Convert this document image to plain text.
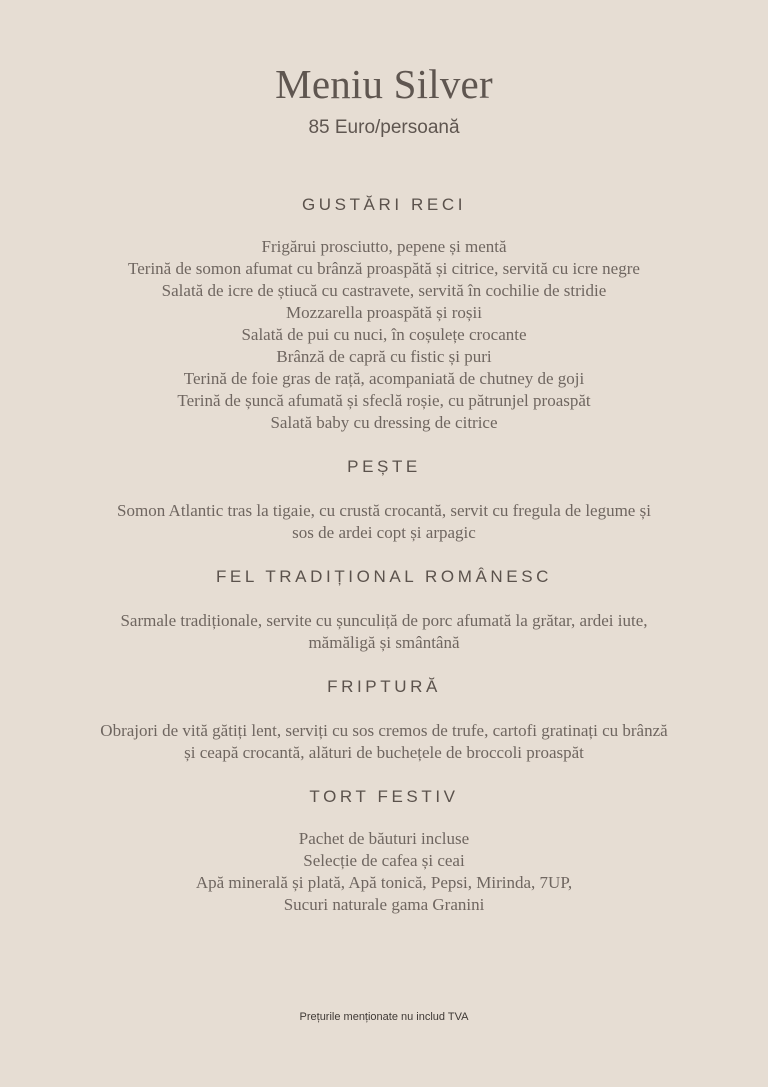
Meniu Silver
85 Euro/persoană
GUSTĂRI RECI
Frigărui prosciutto, pepene și mentă
Terină de somon afumat cu brânză proaspătă și citrice, servită cu icre negre
Salată de icre de știucă cu castravete, servită în cochilie de stridie
Mozzarella proaspătă și roșii
Salată de pui cu nuci, în coșulețe crocante
Brânză de capră cu fistic și puri
Terină de foie gras de rață, acompaniată de chutney de goji
Terină de șuncă afumată și sfeclă roșie, cu pătrunjel proaspăt
Salată baby cu dressing de citrice
PEȘTE
Somon Atlantic tras la tigaie, cu crustă crocantă, servit cu fregula de legume și
sos de ardei copt și arpagic
FEL TRADIȚIONAL ROMÂNESC
Sarmale tradiționale, servite cu șunculiță de porc afumată la grătar, ardei iute,
mămăligă și smântână
FRIPTURĂ
Obrajori de vită gătiți lent, serviți cu sos cremos de trufe, cartofi gratinați cu brânză
și ceapă crocantă, alături de buchețele de broccoli proaspăt
TORT FESTIV
Pachet de băuturi incluse
Selecție de cafea și ceai
Apă minerală și plată, Apă tonică, Pepsi, Mirinda, 7UP,
Sucuri naturale gama Granini
Prețurile menționate nu includ TVA
